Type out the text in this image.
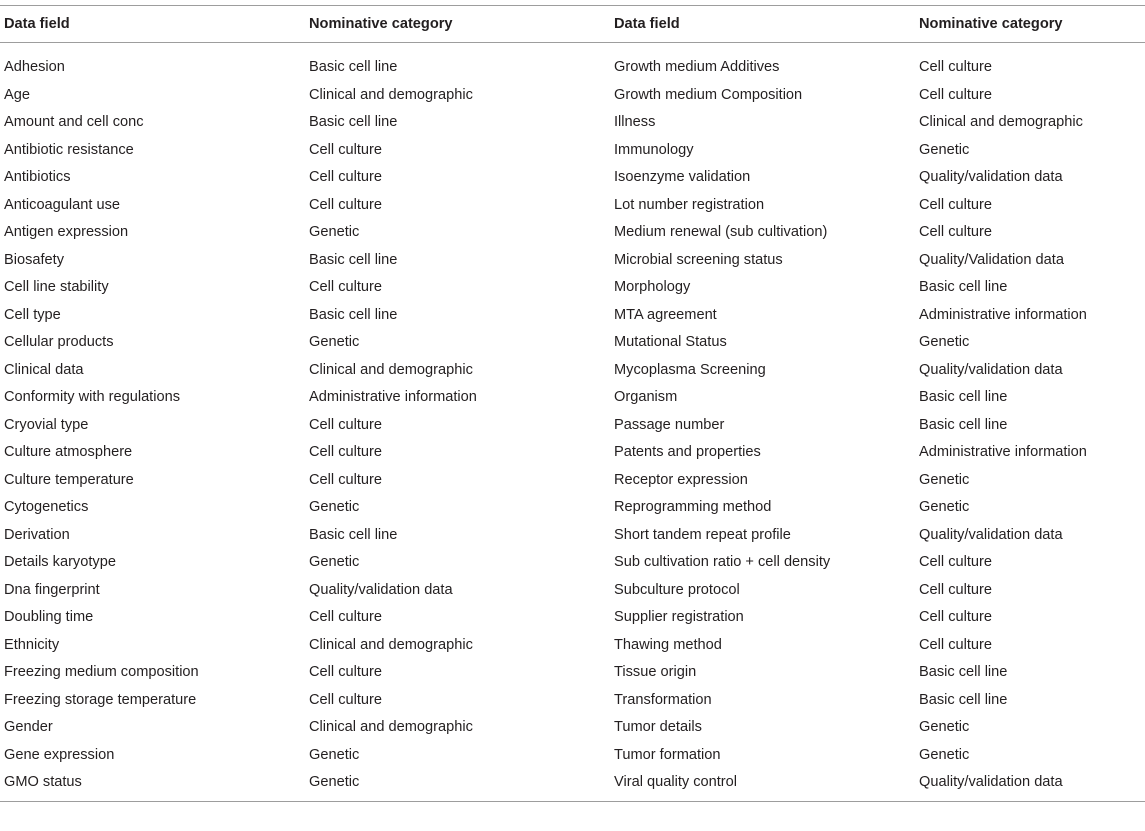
Data field	Nominative category	Data field	Nominative category
Adhesion	Basic cell line	Growth medium Additives	Cell culture
Age	Clinical and demographic	Growth medium Composition	Cell culture
Amount and cell conc	Basic cell line	Illness	Clinical and demographic
Antibiotic resistance	Cell culture	Immunology	Genetic
Antibiotics	Cell culture	Isoenzyme validation	Quality/validation data
Anticoagulant use	Cell culture	Lot number registration	Cell culture
Antigen expression	Genetic	Medium renewal (sub cultivation)	Cell culture
Biosafety	Basic cell line	Microbial screening status	Quality/Validation data
Cell line stability	Cell culture	Morphology	Basic cell line
Cell type	Basic cell line	MTA agreement	Administrative information
Cellular products	Genetic	Mutational Status	Genetic
Clinical data	Clinical and demographic	Mycoplasma Screening	Quality/validation data
Conformity with regulations	Administrative information	Organism	Basic cell line
Cryovial type	Cell culture	Passage number	Basic cell line
Culture atmosphere	Cell culture	Patents and properties	Administrative information
Culture temperature	Cell culture	Receptor expression	Genetic
Cytogenetics	Genetic	Reprogramming method	Genetic
Derivation	Basic cell line	Short tandem repeat profile	Quality/validation data
Details karyotype	Genetic	Sub cultivation ratio + cell density	Cell culture
Dna fingerprint	Quality/validation data	Subculture protocol	Cell culture
Doubling time	Cell culture	Supplier registration	Cell culture
Ethnicity	Clinical and demographic	Thawing method	Cell culture
Freezing medium composition	Cell culture	Tissue origin	Basic cell line
Freezing storage temperature	Cell culture	Transformation	Basic cell line
Gender	Clinical and demographic	Tumor details	Genetic
Gene expression	Genetic	Tumor formation	Genetic
GMO status	Genetic	Viral quality control	Quality/validation data
